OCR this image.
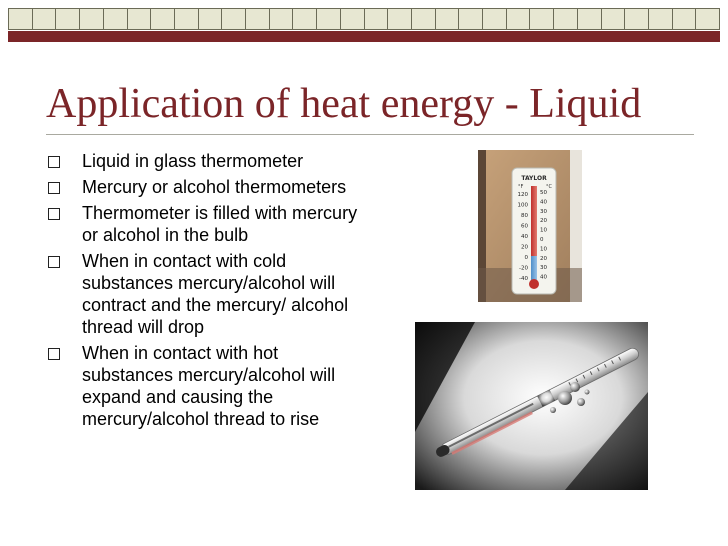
Application of heat energy - Liquid
Liquid in glass thermometer
Mercury or alcohol thermometers
Thermometer is filled with mercury or alcohol in the bulb
When in contact with cold substances mercury/alcohol will contract and the mercury/ alcohol thread will drop
When in contact with hot substances mercury/alcohol will expand and causing the mercury/alcohol thread to rise
TAYLOR
°F	°C
120
100
80
60
40
20
0
-20
-40
50
40
30
20
10
0
10
20
30
40
